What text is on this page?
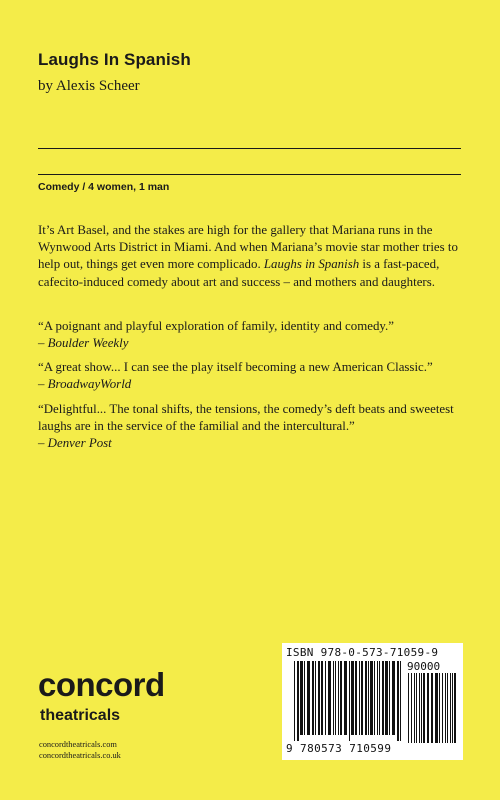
Laughs In Spanish
by Alexis Scheer
Comedy / 4 women, 1 man

It’s Art Basel, and the stakes are high for the gallery that Mariana runs in the Wynwood Arts District in Miami. And when Mariana’s movie star mother tries to help out, things get even more complicado. Laughs in Spanish is a fast-paced, cafecito-induced comedy about art and success – and mothers and daughters.

“A poignant and playful exploration of family, identity and comedy.”
– Boulder Weekly

“A great show... I can see the play itself becoming a new American Classic.”
– BroadwayWorld

“Delightful... The tonal shifts, the tensions, the comedy’s deft beats and sweetest laughs are in the service of the familial and the intercultural.”
– Denver Post

concord
theatricals
concordtheatricals.com
concordtheatricals.co.uk
ISBN 978-0-573-71059-9
90000
9 780573 710599
